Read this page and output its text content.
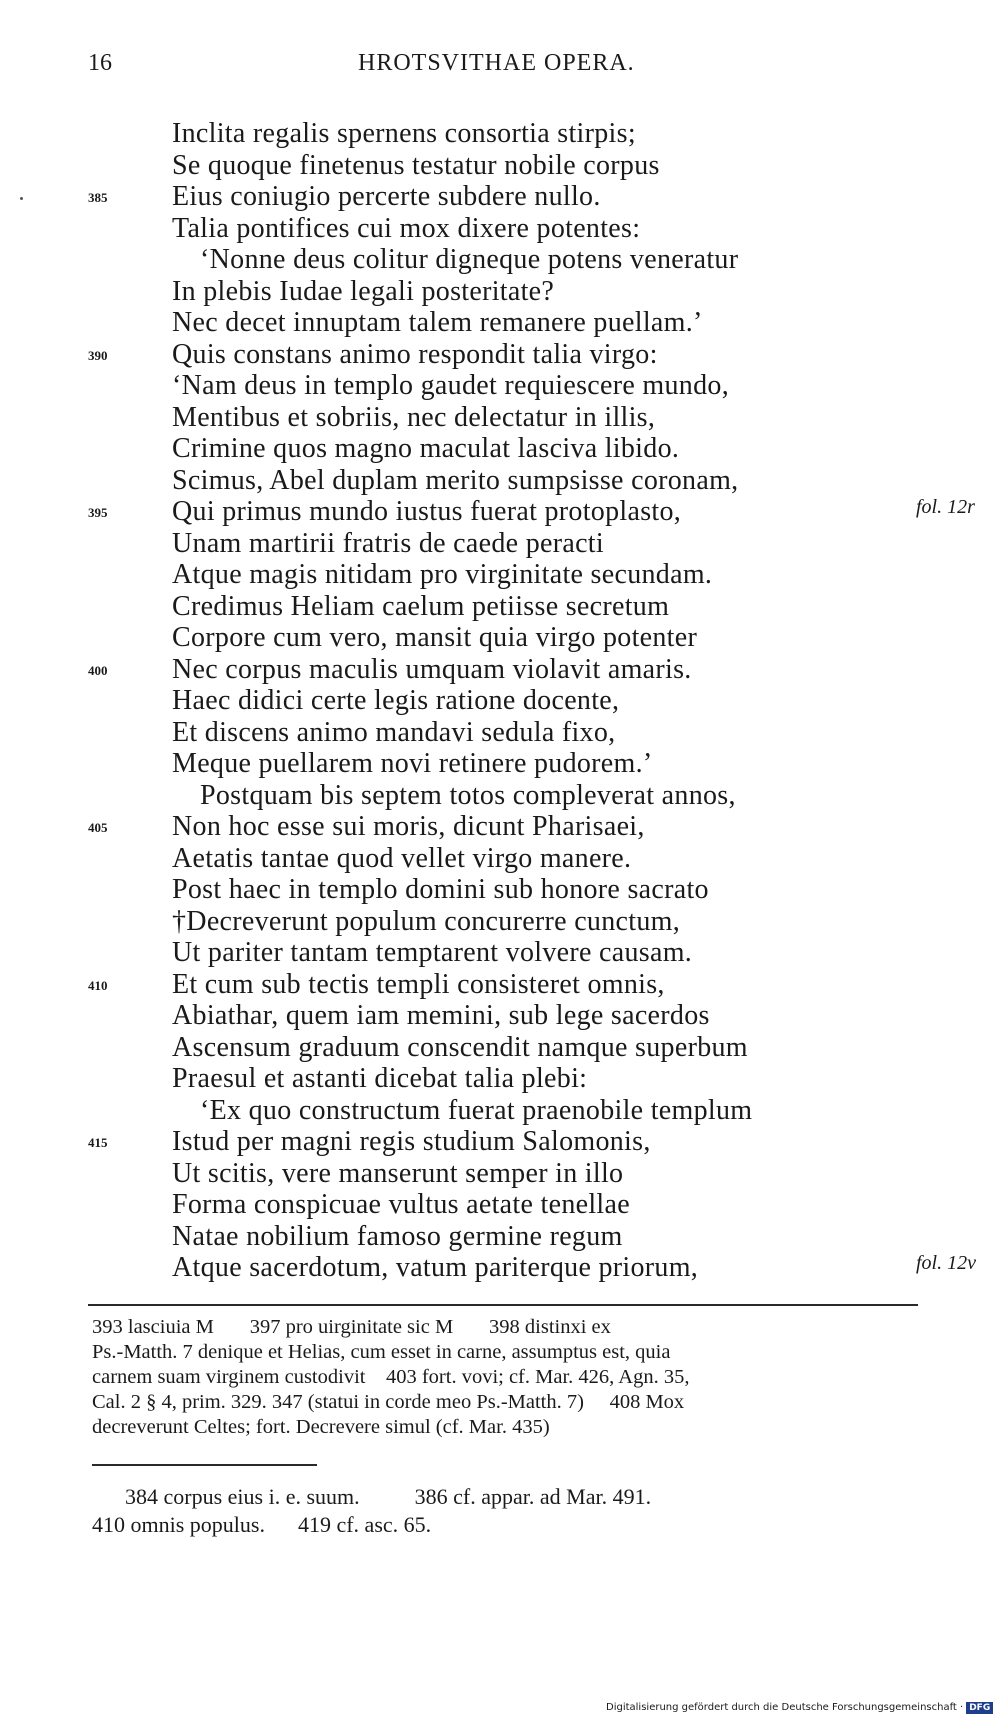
16	HROTSVITHAE OPERA.
Inclita regalis spernens consortia stirpis;
Se quoque finetenus testatur nobile corpus
385 Eius coniugio percerte subdere nullo.
Talia pontifices cui mox dixere potentes:
‘Nonne deus colitur digneque potens veneratur
In plebis Iudae legali posteritate?
Nec decet innuptam talem remanere puellam.’
390 Quis constans animo respondit talia virgo:
‘Nam deus in templo gaudet requiescere mundo,
Mentibus et sobriis, nec delectatur in illis,
Crimine quos magno maculat lasciva libido.
Scimus, Abel duplam merito sumpsisse coronam,
395 Qui primus mundo iustus fuerat protoplasto,	fol. 12r
Unam martirii fratris de caede peracti
Atque magis nitidam pro virginitate secundam.
Credimus Heliam caelum petiisse secretum
Corpore cum vero, mansit quia virgo potenter
400 Nec corpus maculis umquam violavit amaris.
Haec didici certe legis ratione docente,
Et discens animo mandavi sedula fixo,
Meque puellarem novi retinere pudorem.’
Postquam bis septem totos compleverat annos,
405 Non hoc esse sui moris, dicunt Pharisaei,
Aetatis tantae quod vellet virgo manere.
Post haec in templo domini sub honore sacrato
†Decreverunt populum concurerre cunctum,
Ut pariter tantam temptarent volvere causam.
410 Et cum sub tectis templi consisteret omnis,
Abiathar, quem iam memini, sub lege sacerdos
Ascensum graduum conscendit namque superbum
Praesul et astanti dicebat talia plebi:
‘Ex quo constructum fuerat praenobile templum
415 Istud per magni regis studium Salomonis,
Ut scitis, vere manserunt semper in illo
Forma conspicuae vultus aetate tenellae
Natae nobilium famoso germine regum
Atque sacerdotum, vatum pariterque priorum,	fol. 12v
393 lasciuia M       397 pro uirginitate sic M       398 distinxi ex
Ps.-Matth. 7 denique et Helias, cum esset in carne, assumptus est, quia
carnem suam virginem custodivit    403 fort. vovi; cf. Mar. 426, Agn. 35,
Cal. 2 § 4, prim. 329. 347 (statui in corde meo Ps.-Matth. 7)     408 Mox
decreverunt Celtes; fort. Decrevere simul (cf. Mar. 435)
384 corpus eius i. e. suum.          386 cf. appar. ad Mar. 491.
410 omnis populus.      419 cf. asc. 65.
Digitalisierung gefördert durch die Deutsche Forschungsgemeinschaft · DFG
